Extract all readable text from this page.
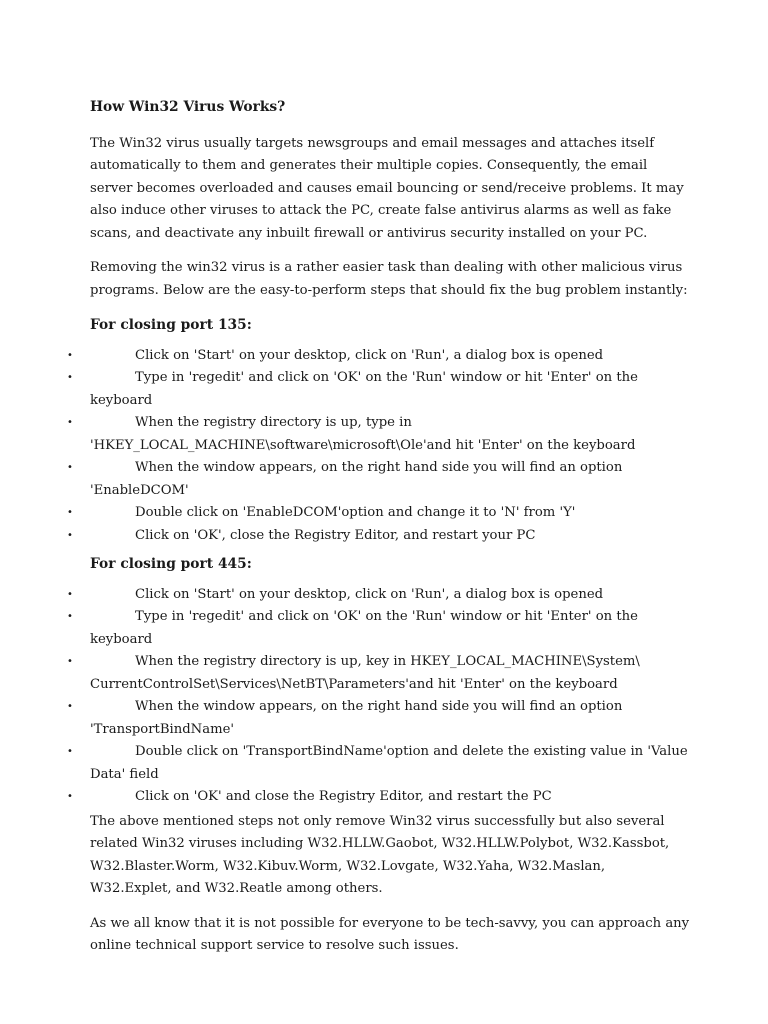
How Win32 Virus Works?
The Win32 virus usually targets newsgroups and email messages and attaches itself automatically to them and generates their multiple copies. Consequently, the email server becomes overloaded and causes email bouncing or send/receive problems. It may also induce other viruses to attack the PC, create false antivirus alarms as well as fake scans, and deactivate any inbuilt firewall or antivirus security installed on your PC.
Removing the win32 virus is a rather easier task than dealing with other malicious virus programs. Below are the easy-to-perform steps that should fix the bug problem instantly:
For closing port 135:
•	Click on 'Start' on your desktop, click on 'Run', a dialog box is opened
•	Type in 'regedit' and click on 'OK' on the 'Run' window or hit 'Enter' on the keyboard
•	When the registry directory is up, type in 'HKEY_LOCAL_MACHINE\software\microsoft\Ole'and hit 'Enter' on the keyboard
•	When the window appears, on the right hand side you will find an option 'EnableDCOM'
•	Double click on 'EnableDCOM'option and change it to 'N' from 'Y'
•	Click on 'OK', close the Registry Editor, and restart your PC
For closing port 445:
•	Click on 'Start' on your desktop, click on 'Run', a dialog box is opened
•	Type in 'regedit' and click on 'OK' on the 'Run' window or hit 'Enter' on the keyboard
•	When the registry directory is up, key in HKEY_LOCAL_MACHINE\System\ CurrentControlSet\Services\NetBT\Parameters'and hit 'Enter' on the keyboard
•	When the window appears, on the right hand side you will find an option 'TransportBindName'
•	Double click on 'TransportBindName'option and delete the existing value in 'Value Data' field
•	Click on 'OK' and close the Registry Editor, and restart the PC
The above mentioned steps not only remove Win32 virus successfully but also several related Win32 viruses including W32.HLLW.Gaobot, W32.HLLW.Polybot, W32.Kassbot, W32.Blaster.Worm, W32.Kibuv.Worm, W32.Lovgate, W32.Yaha, W32.Maslan, W32.Explet, and W32.Reatle among others.
As we all know that it is not possible for everyone to be tech-savvy, you can approach any online technical support service to resolve such issues.
